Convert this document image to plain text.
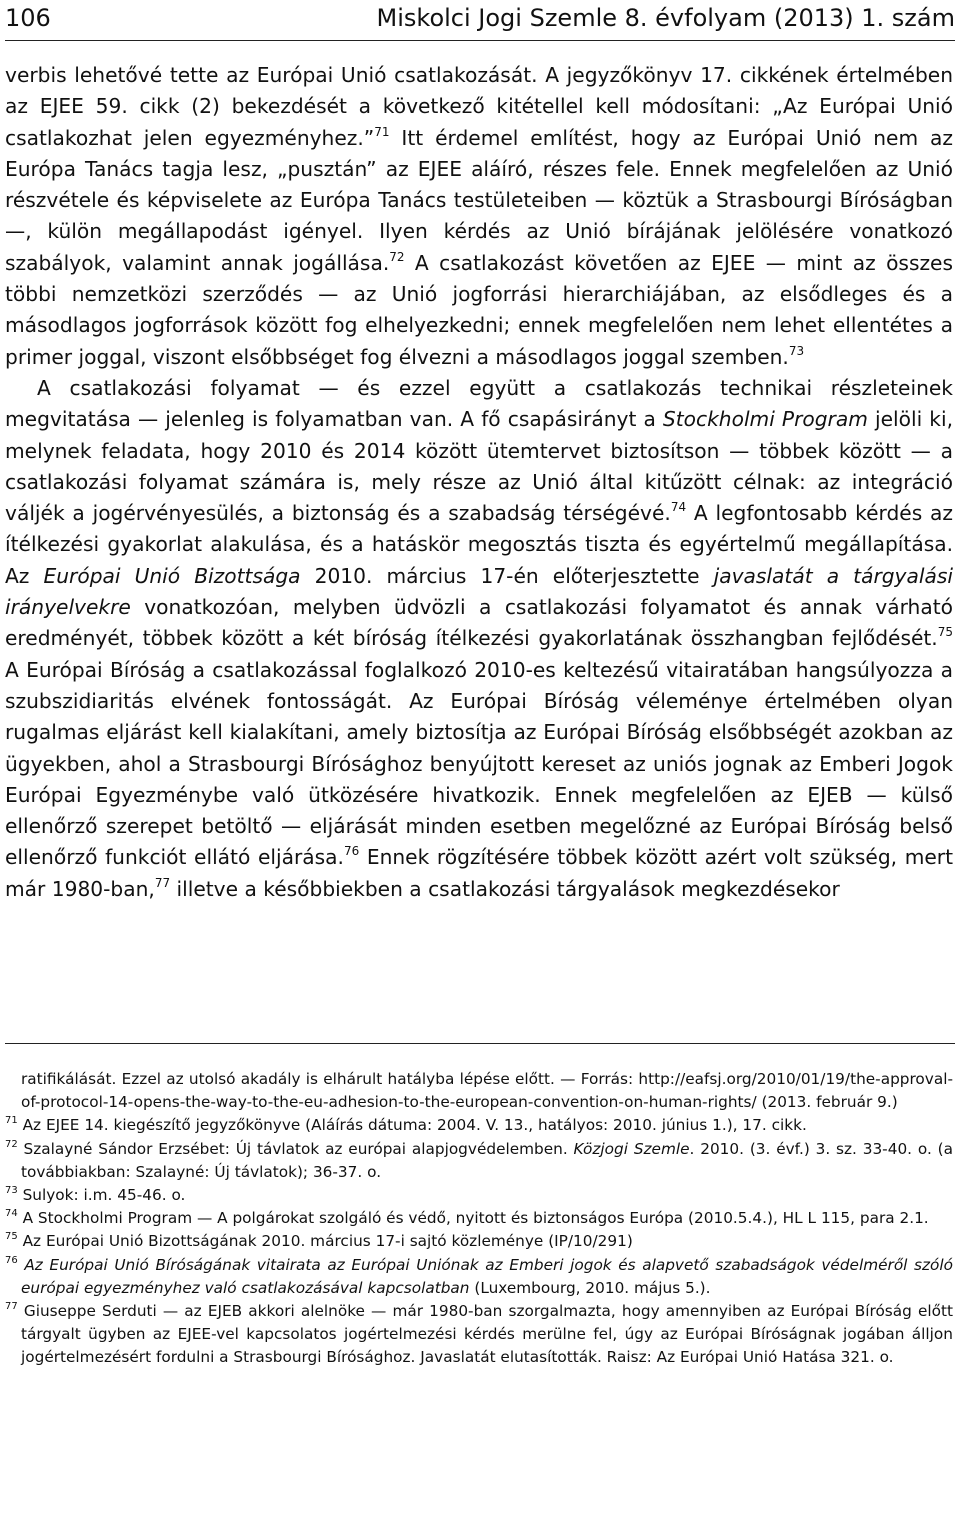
106	Miskolci Jogi Szemle 8. évfolyam (2013) 1. szám

verbis lehetővé tette az Európai Unió csatlakozását. A jegyzőkönyv 17. cikkének értelmében az EJEE 59. cikk (2) bekezdését a következő kitétellel kell módosítani: „Az Európai Unió csatlakozhat jelen egyezményhez.”$^{71}$ Itt érdemel említést, hogy az Európai Unió nem az Európa Tanács tagja lesz, „pusztán” az EJEE aláíró, részes fele. Ennek megfelelően az Unió részvétele és képviselete az Európa Tanács testületeiben — köztük a Strasbourgi Bíróságban —, külön megállapodást igényel. Ilyen kérdés az Unió bírájának jelölésére vonatkozó szabályok, valamint annak jogállása.$^{72}$ A csatlakozást követően az EJEE — mint az összes többi nemzetközi szerződés — az Unió jogforrási hierarchiájában, az elsődleges és a másodlagos jogforrások között fog elhelyezkedni; ennek megfelelően nem lehet ellentétes a primer joggal, viszont elsőbbséget fog élvezni a másodlagos joggal szemben.$^{73}$

A csatlakozási folyamat — és ezzel együtt a csatlakozás technikai részleteinek megvitatása — jelenleg is folyamatban van. A fő csapásirányt a Stockholmi Program jelöli ki, melynek feladata, hogy 2010 és 2014 között ütemtervet biztosítson — többek között — a csatlakozási folyamat számára is, mely része az Unió által kitűzött célnak: az integráció váljék a jogérvényesülés, a biztonság és a szabadság térségévé.$^{74}$ A legfontosabb kérdés az ítélkezési gyakorlat alakulása, és a hatáskör megosztás tiszta és egyértelmű megállapítása. Az Európai Unió Bizottsága 2010. március 17-én előterjesztette javaslatát a tárgyalási irányelvekre vonatkozóan, melyben üdvözli a csatlakozási folyamatot és annak várható eredményét, többek között a két bíróság ítélkezési gyakorlatának összhangban fejlődését.$^{75}$ A Európai Bíróság a csatlakozással foglalkozó 2010-es keltezésű vitairatában hangsúlyozza a szubszidiaritás elvének fontosságát. Az Európai Bíróság véleménye értelmében olyan rugalmas eljárást kell kialakítani, amely biztosítja az Európai Bíróság elsőbbségét azokban az ügyekben, ahol a Strasbourgi Bírósághoz benyújtott kereset az uniós jognak az Emberi Jogok Európai Egyezménybe való ütközésére hivatkozik. Ennek megfelelően az EJEB — külső ellenőrző szerepet betöltő — eljárását minden esetben megelőzné az Európai Bíróság belső ellenőrző funkciót ellátó eljárása.$^{76}$ Ennek rögzítésére többek között azért volt szükség, mert már 1980-ban,$^{77}$ illetve a későbbiekben a csatlakozási tárgyalások megkezdésekor

ratifikálását. Ezzel az utolsó akadály is elhárult hatályba lépése előtt. — Forrás: http://eafsj.org/2010/01/19/the-approval-of-protocol-14-opens-the-way-to-the-eu-adhesion-to-the-european-convention-on-human-rights/ (2013. február 9.)

$^{71}$ Az EJEE 14. kiegészítő jegyzőkönyve (Aláírás dátuma: 2004. V. 13., hatályos: 2010. június 1.), 17. cikk.

$^{72}$ Szalayné Sándor Erzsébet: Új távlatok az európai alapjogvédelemben. Közjogi Szemle. 2010. (3. évf.) 3. sz. 33-40. o. (a továbbiakban: Szalayné: Új távlatok); 36-37. o.

$^{73}$ Sulyok: i.m. 45-46. o.

$^{74}$ A Stockholmi Program — A polgárokat szolgáló és védő, nyitott és biztonságos Európa (2010.5.4.), HL L 115, para 2.1.

$^{75}$ Az Európai Unió Bizottságának 2010. március 17-i sajtó közleménye (IP/10/291)

$^{76}$ Az Európai Unió Bíróságának vitairata az Európai Uniónak az Emberi jogok és alapvető szabadságok védelméről szóló európai egyezményhez való csatlakozásával kapcsolatban (Luxembourg, 2010. május 5.).

$^{77}$ Giuseppe Serduti — az EJEB akkori alelnöke — már 1980-ban szorgalmazta, hogy amennyiben az Európai Bíróság előtt tárgyalt ügyben az EJEE-vel kapcsolatos jogértelmezési kérdés merülne fel, úgy az Európai Bíróságnak jogában álljon jogértelmezésért fordulni a Strasbourgi Bírósághoz. Javaslatát elutasították. Raisz: Az Európai Unió Hatása 321. o.
